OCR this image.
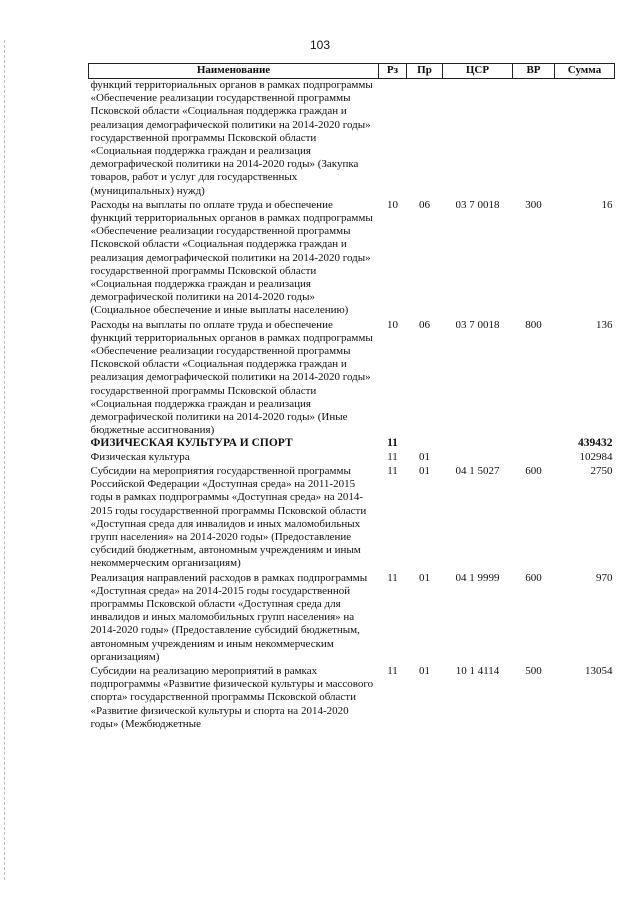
103
Наименование	Рз	Пр	ЦСР	ВР	Сумма
функций территориальных органов в рамках подпрограммы «Обеспечение реализации государственной программы Псковской области «Социальная поддержка граждан и реализация демографической политики на 2014-2020 годы» государственной программы Псковской области «Социальная поддержка граждан и реализация демографической политики на 2014-2020 годы» (Закупка товаров, работ и услуг для государственных (муниципальных) нужд)					
Расходы на выплаты по оплате труда и обеспечение функций территориальных органов в рамках подпрограммы «Обеспечение реализации государственной программы Псковской области «Социальная поддержка граждан и реализация демографической политики на 2014-2020 годы» государственной программы Псковской области «Социальная поддержка граждан и реализация демографической политики на 2014-2020 годы» (Социальное обеспечение и иные выплаты населению)	10	06	03 7 0018	300	16
Расходы на выплаты по оплате труда и обеспечение функций территориальных органов в рамках подпрограммы «Обеспечение реализации государственной программы Псковской области «Социальная поддержка граждан и реализация демографической политики на 2014-2020 годы» государственной программы Псковской области «Социальная поддержка граждан и реализация демографической политики на 2014-2020 годы» (Иные бюджетные ассигнования)	10	06	03 7 0018	800	136
ФИЗИЧЕСКАЯ КУЛЬТУРА И СПОРТ	11				439432
Физическая культура	11	01			102984
Субсидии на мероприятия государственной программы Российской Федерации «Доступная среда» на 2011-2015 годы в рамках подпрограммы «Доступная среда» на 2014-2015 годы государственной программы Псковской области «Доступная среда для инвалидов и иных маломобильных групп населения» на 2014-2020 годы» (Предоставление субсидий бюджетным, автономным учреждениям и иным некоммерческим организациям)	11	01	04 1 5027	600	2750
Реализация направлений расходов в рамках подпрограммы «Доступная среда» на 2014-2015 годы государственной программы Псковской области «Доступная среда для инвалидов и иных маломобильных групп населения» на 2014-2020 годы» (Предоставление субсидий бюджетным, автономным учреждениям и иным некоммерческим организациям)	11	01	04 1 9999	600	970
Субсидии на реализацию мероприятий в рамках подпрограммы «Развитие физической культуры и массового спорта» государственной программы Псковской области «Развитие физической культуры и спорта на 2014-2020 годы» (Межбюджетные	11	01	10 1 4114	500	13054
